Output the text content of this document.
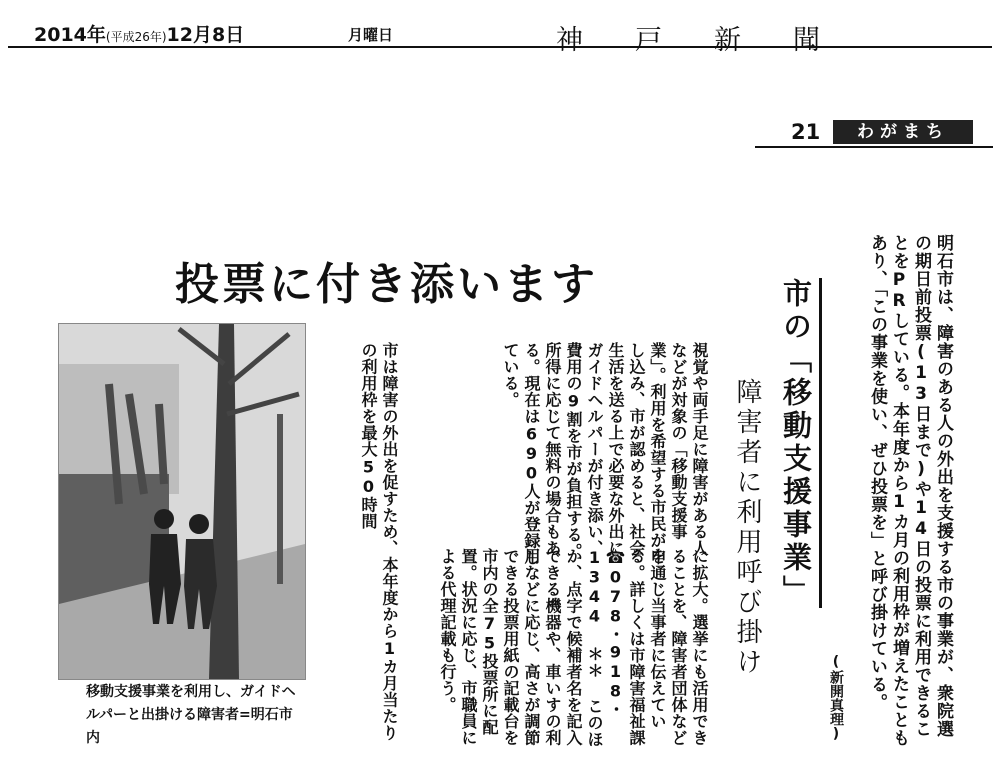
2014年(平成26年)12月8日	月曜日	神戸新聞
21	わがまち
投票に付き添います	明石市は、障害のある人の外出を支援する市の事業が、衆院選の期日前投票(13日まで)や14日の投票に利用できることをPRしている。本年度から1カ月の利用枠が増えたこともあり、「この事業を使い、ぜひ投票を」と呼び掛けている。
(新開真理)
市の「移動支援事業」
障害者に利用呼び掛け
視覚や両手足に障害がある人などが対象の「移動支援事業」。利用を希望する市民が申し込み、市が認めると、社会生活を送る上で必要な外出にガイドヘルパーが付き添い、費用の9割を市が負担する。所得に応じて無料の場合もある。現在は690人が登録している。
市は障害の外出を促すため、本年度から1カ月当たりの利用枠を最大50時間
に拡大。選挙にも活用できることを、障害者団体などを通じ当事者に伝えている。詳しくは市障害福祉課☎078・918・1344 ＊＊ このほか、点字で候補者名を記入できる機器や、車いすの利用などに応じ、高さが調節できる投票用紙の記載台を市内の全75投票所に配置。状況に応じ、市職員による代理記載も行う。
移動支援事業を利用し、ガイドヘルパーと出掛ける障害者=明石市内
